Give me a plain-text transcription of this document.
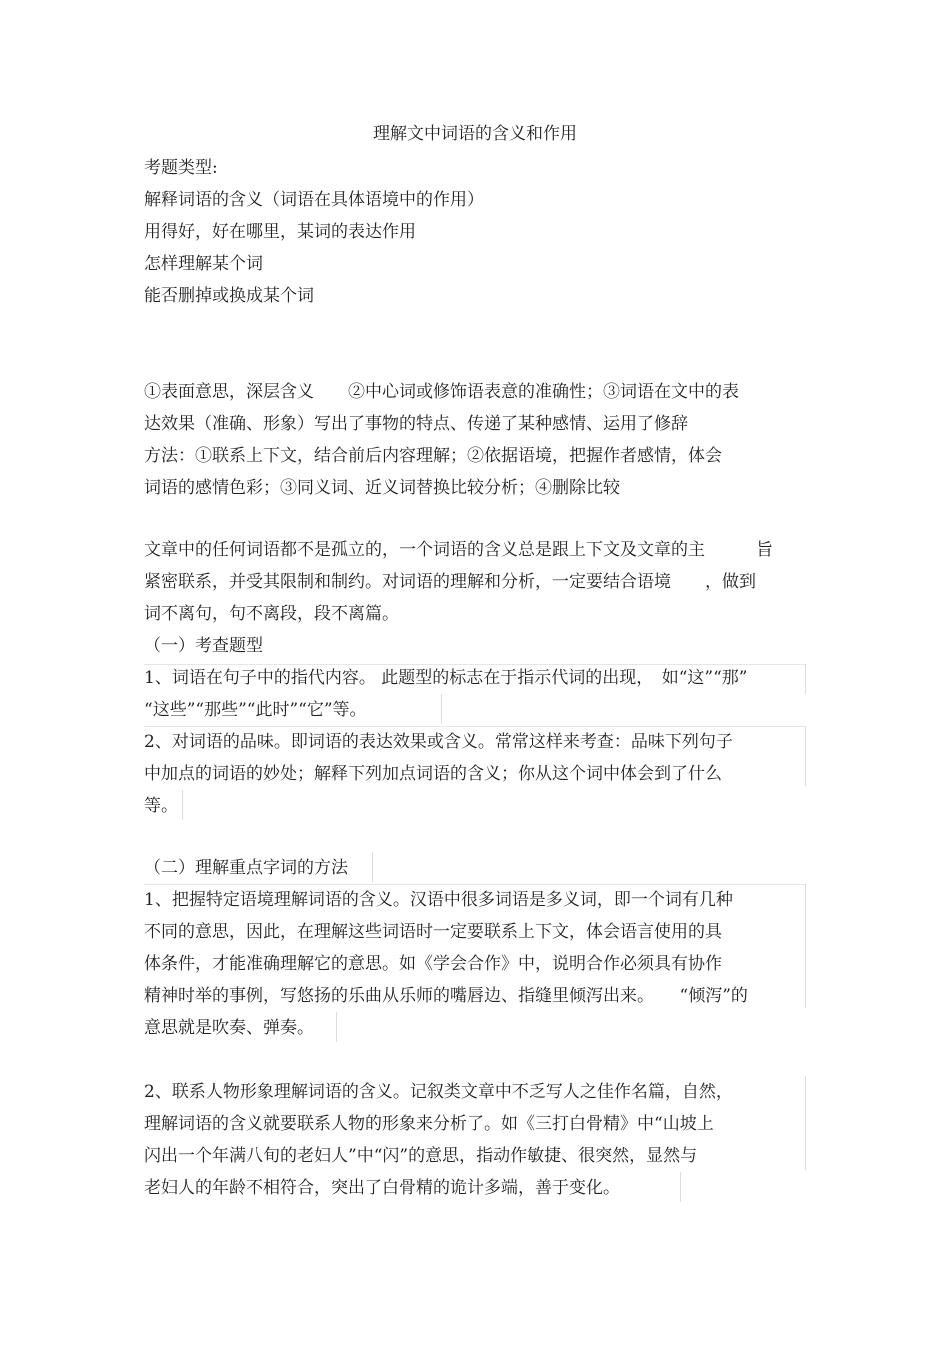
理解文中词语的含义和作用
考题类型:
解释词语的含义（词语在具体语境中的作用）
用得好，好在哪里，某词的表达作用
怎样理解某个词
能否删掉或换成某个词
①表面意思，深层含义　　②中心词或修饰语表意的准确性；③词语在文中的表
达效果（准确、形象）写出了事物的特点、传递了某种感情、运用了修辞
方法：①联系上下文，结合前后内容理解；②依据语境，把握作者感情，体会
词语的感情色彩；③同义词、近义词替换比较分析；④删除比较
文章中的任何词语都不是孤立的，一个词语的含义总是跟上下文及文章的主　　　旨
紧密联系，并受其限制和制约。对词语的理解和分析，一定要结合语境　　，做到
词不离句，句不离段，段不离篇。
（一）考查题型
1、词语在句子中的指代内容。 此题型的标志在于指示代词的出现，　如“这”“那”
“这些”“那些”“此时”“它”等。
2、对词语的品味。即词语的表达效果或含义。常常这样来考查：品味下列句子
中加点的词语的妙处；解释下列加点词语的含义；你从这个词中体会到了什么
等。
（二）理解重点字词的方法
1、把握特定语境理解词语的含义。汉语中很多词语是多义词，即一个词有几种
不同的意思，因此，在理解这些词语时一定要联系上下文，体会语言使用的具
体条件，才能准确理解它的意思。如《学会合作》中，说明合作必须具有协作
精神时举的事例，写悠扬的乐曲从乐师的嘴唇边、指缝里倾泻出来。　　“倾泻”的
意思就是吹奏、弹奏。
2、联系人物形象理解词语的含义。记叙类文章中不乏写人之佳作名篇，自然，
理解词语的含义就要联系人物的形象来分析了。如《三打白骨精》中“山坡上
闪出一个年满八旬的老妇人”中“闪”的意思，指动作敏捷、很突然，显然与
老妇人的年龄不相符合，突出了白骨精的诡计多端，善于变化。
